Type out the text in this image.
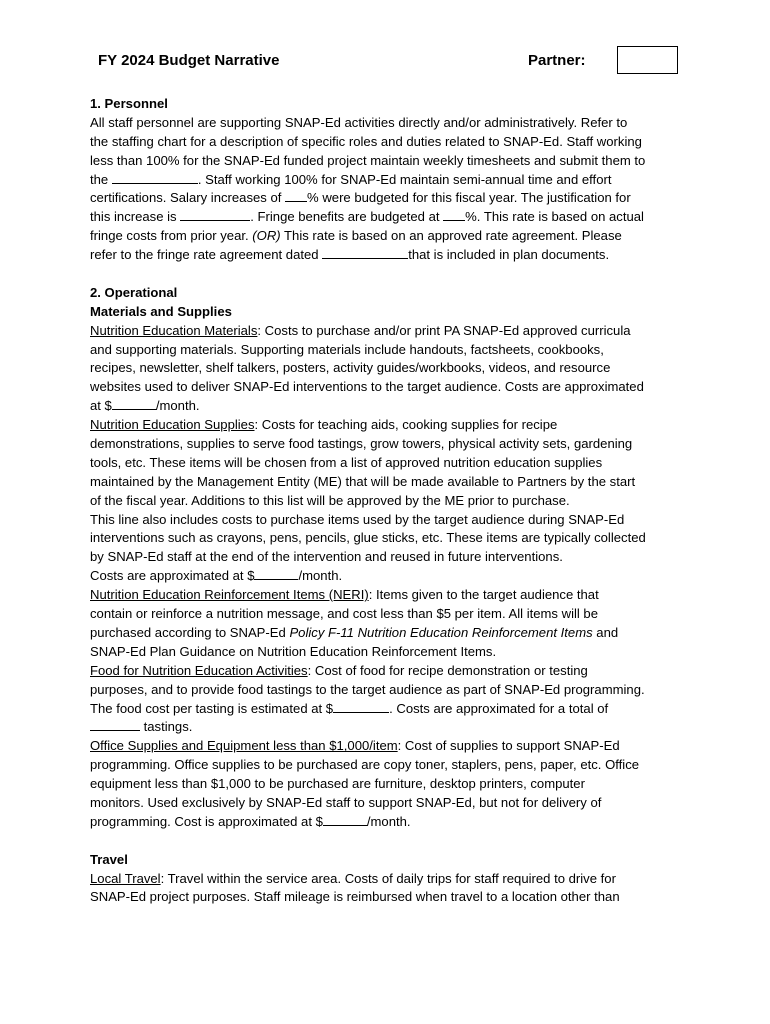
FY 2024 Budget Narrative	Partner:
1. Personnel
All staff personnel are supporting SNAP-Ed activities directly and/or administratively. Refer to
the staffing chart for a description of specific roles and duties related to SNAP-Ed. Staff working
less than 100% for the SNAP-Ed funded project maintain weekly timesheets and submit them to
the	. Staff working 100% for SNAP-Ed maintain semi-annual time and effort
certifications. Salary increases of % were budgeted for this fiscal year. The justification for
this increase is	. Fringe benefits are budgeted at %. This rate is based on actual
fringe costs from prior year. (OR) This rate is based on an approved rate agreement. Please
refer to the fringe rate agreement dated	that is included in plan documents.
2. Operational
Materials and Supplies
Nutrition Education Materials: Costs to purchase and/or print PA SNAP-Ed approved curricula
and supporting materials. Supporting materials include handouts, factsheets, cookbooks,
recipes, newsletter, shelf talkers, posters, activity guides/workbooks, videos, and resource
websites used to deliver SNAP-Ed interventions to the target audience. Costs are approximated
at $	/month.
Nutrition Education Supplies: Costs for teaching aids, cooking supplies for recipe
demonstrations, supplies to serve food tastings, grow towers, physical activity sets, gardening
tools, etc. These items will be chosen from a list of approved nutrition education supplies
maintained by the Management Entity (ME) that will be made available to Partners by the start
of the fiscal year. Additions to this list will be approved by the ME prior to purchase.
This line also includes costs to purchase items used by the target audience during SNAP-Ed
interventions such as crayons, pens, pencils, glue sticks, etc. These items are typically collected
by SNAP-Ed staff at the end of the intervention and reused in future interventions.
Costs are approximated at $	/month.
Nutrition Education Reinforcement Items (NERI): Items given to the target audience that
contain or reinforce a nutrition message, and cost less than $5 per item. All items will be
purchased according to SNAP-Ed Policy F-11 Nutrition Education Reinforcement Items and
SNAP-Ed Plan Guidance on Nutrition Education Reinforcement Items.
Food for Nutrition Education Activities: Cost of food for recipe demonstration or testing
purposes, and to provide food tastings to the target audience as part of SNAP-Ed programming.
The food cost per tasting is estimated at $	. Costs are approximated for a total of
tastings.
Office Supplies and Equipment less than $1,000/item: Cost of supplies to support SNAP-Ed
programming. Office supplies to be purchased are copy toner, staplers, pens, paper, etc. Office
equipment less than $1,000 to be purchased are furniture, desktop printers, computer
monitors. Used exclusively by SNAP-Ed staff to support SNAP-Ed, but not for delivery of
programming. Cost is approximated at $	/month.
Travel
Local Travel: Travel within the service area. Costs of daily trips for staff required to drive for
SNAP-Ed project purposes. Staff mileage is reimbursed when travel to a location other than
